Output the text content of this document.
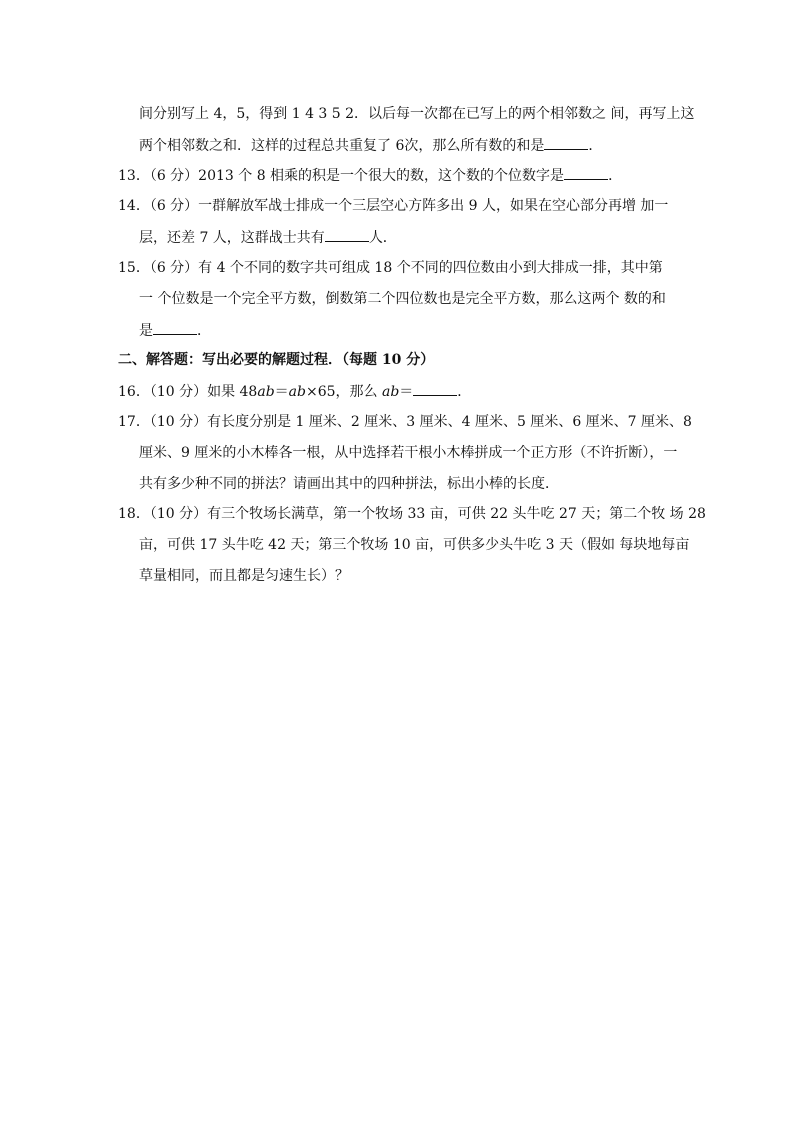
间分别写上 4，5，得到 1 4 3 5 2．以后每一次都在已写上的两个相邻数之 间，再写上这
两个相邻数之和．这样的过程总共重复了 6次，那么所有数的和是	．
13．（6 分）2013 个 8 相乘的积是一个很大的数，这个数的个位数字是	．
14．（6 分）一群解放军战士排成一个三层空心方阵多出 9 人，如果在空心部分再增 加一
层，还差 7 人，这群战士共有	人．
15．（6 分）有 4 个不同的数字共可组成 18 个不同的四位数由小到大排成一排，其中第
一 个位数是一个完全平方数，倒数第二个四位数也是完全平方数，那么这两个 数的和
是	．
二、解答题：写出必要的解题过程．（每题 10 分）
16．（10 分）如果 48ab＝ab×65，那么 ab＝	．
17．（10 分）有长度分别是 1 厘米、2 厘米、3 厘米、4 厘米、5 厘米、6 厘米、7 厘米、8
厘米、9 厘米的小木棒各一根，从中选择若干根小木棒拼成一个正方形（不许折断），一
共有多少种不同的拼法？请画出其中的四种拼法，标出小棒的长度．
18．（10 分）有三个牧场长满草，第一个牧场 33 亩，可供 22 头牛吃 27 天；第二个牧 场 28
亩，可供 17 头牛吃 42 天；第三个牧场 10 亩，可供多少头牛吃 3 天（假如 每块地每亩
草量相同，而且都是匀速生长）？
